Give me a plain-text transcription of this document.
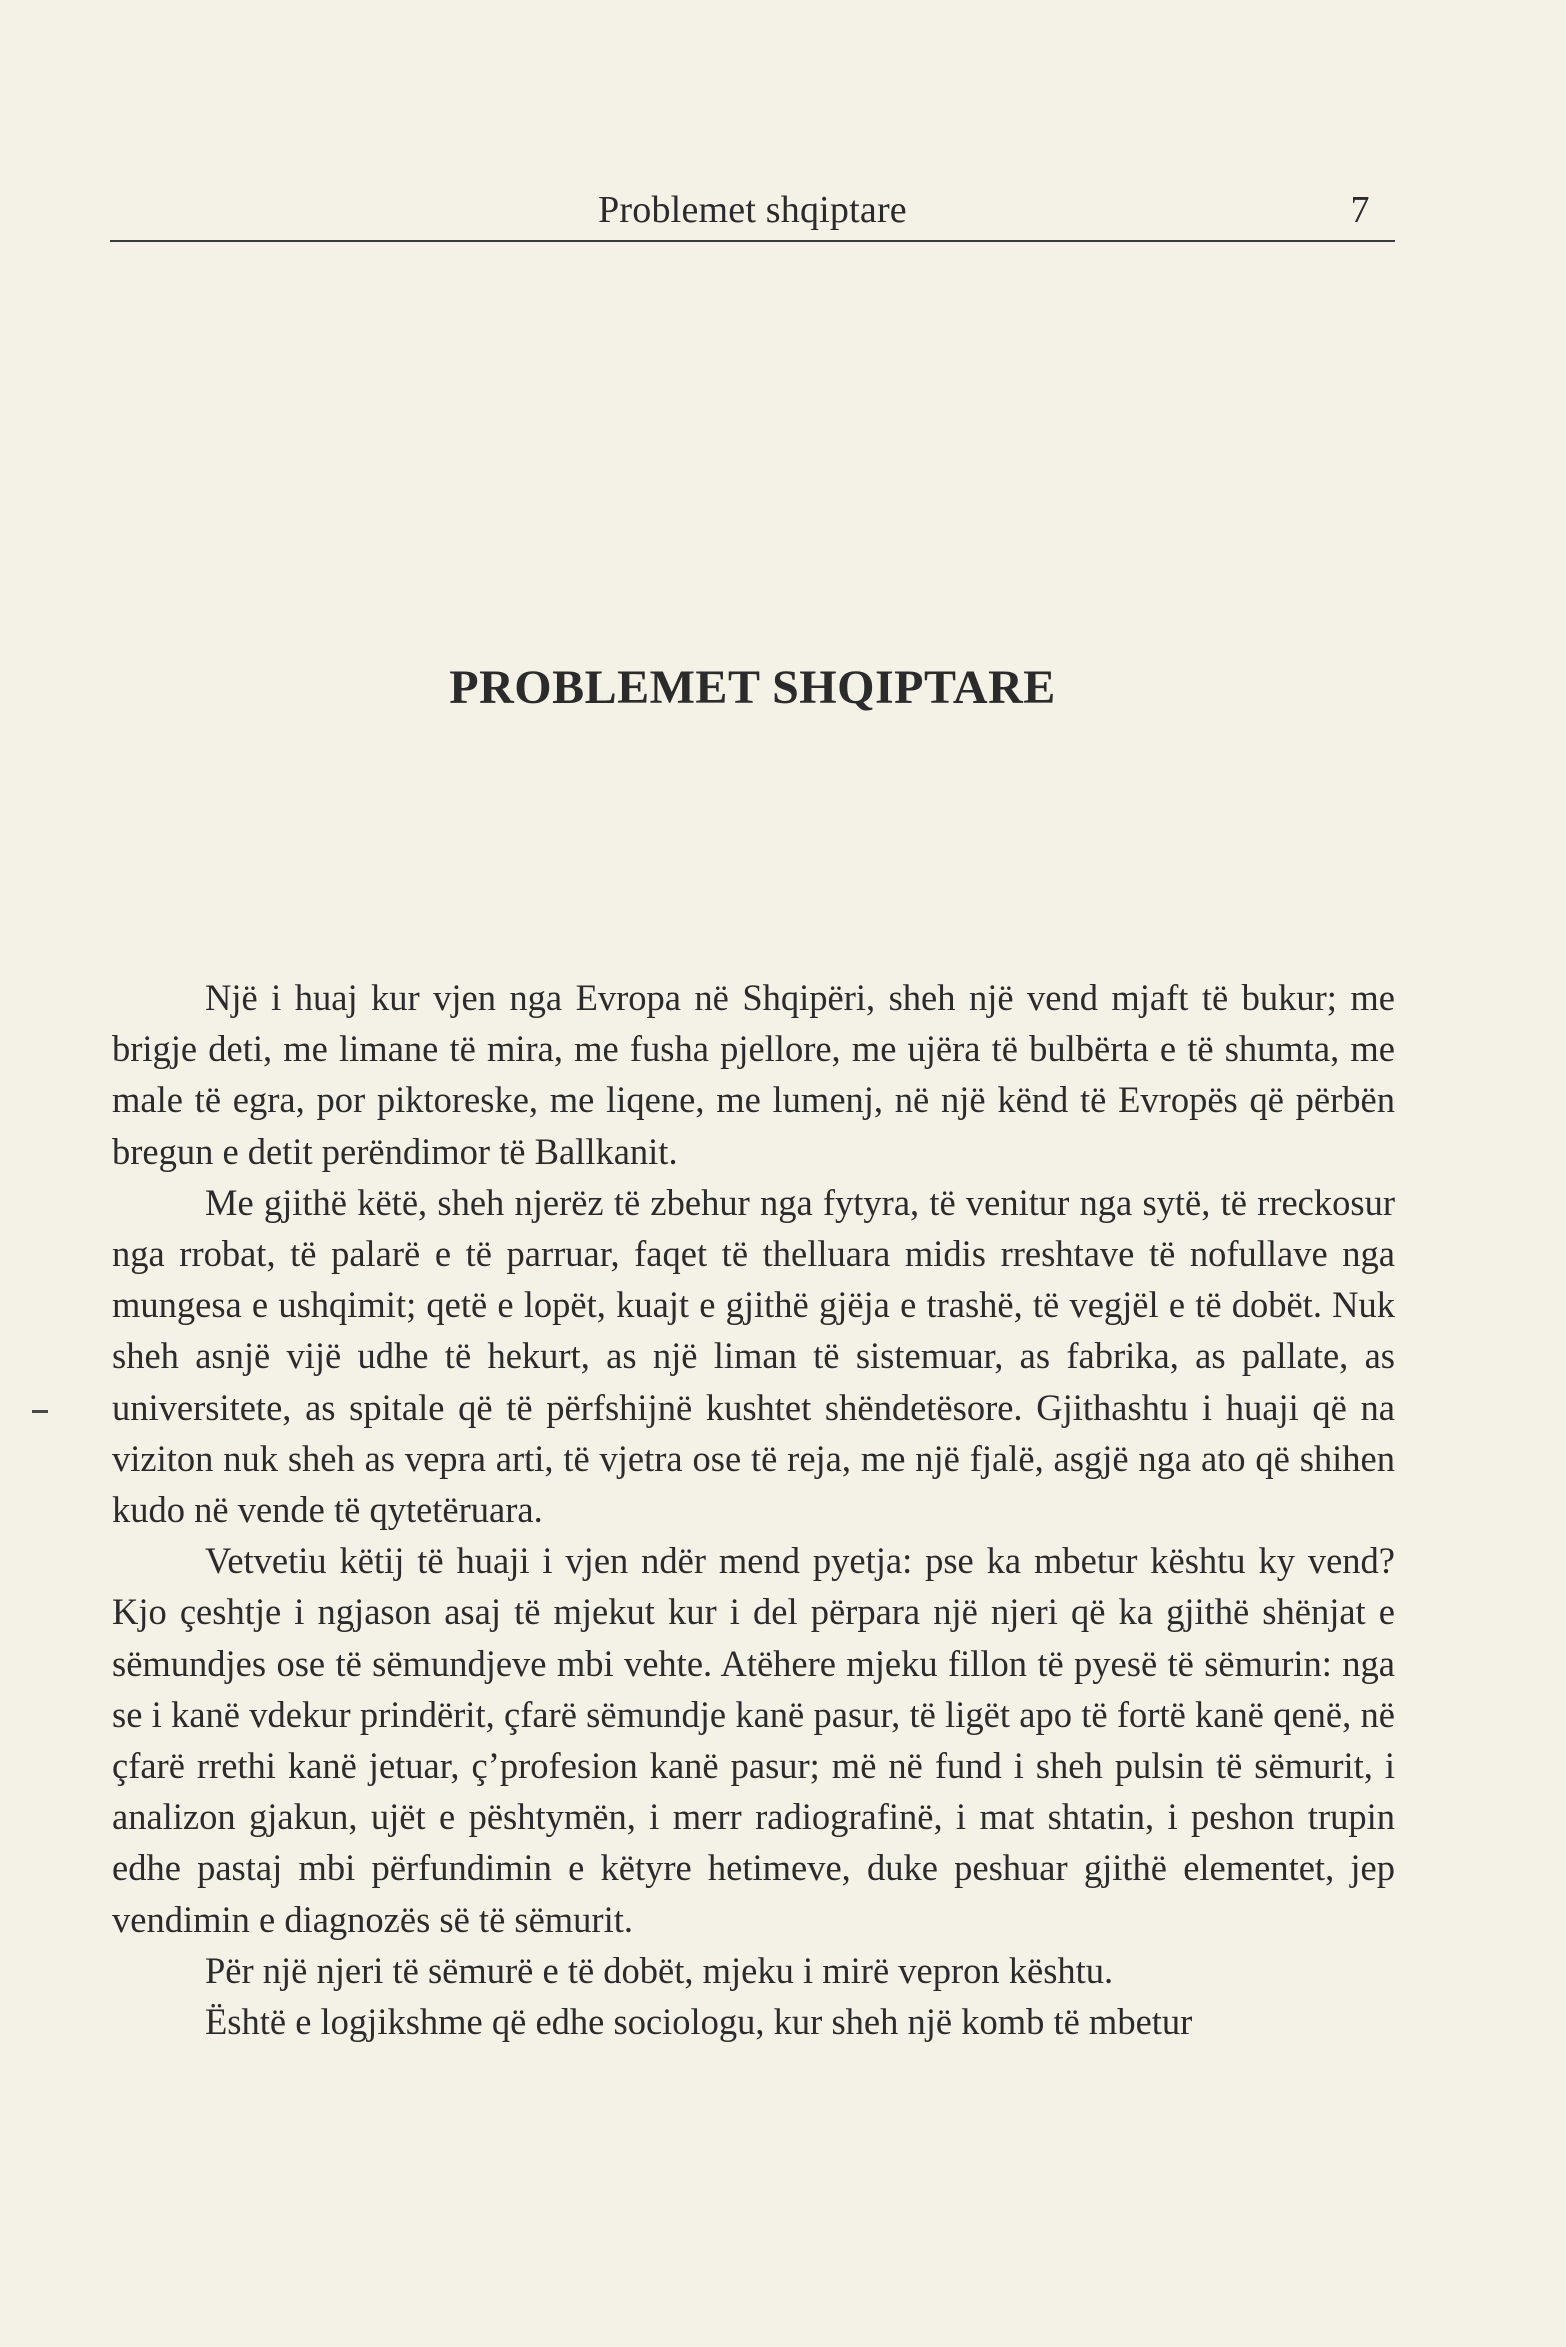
Problemet shqiptare	7
PROBLEMET SHQIPTARE

Një i huaj kur vjen nga Evropa në Shqipëri, sheh një vend mjaft të bukur; me brigje deti, me limane të mira, me fusha pjellore, me ujëra të bulbërta e të shumta, me male të egra, por piktoreske, me liqene, me lumenj, në një kënd të Evropës që përbën bregun e detit perëndimor të Ballkanit.

Me gjithë këtë, sheh njerëz të zbehur nga fytyra, të venitur nga sytë, të rreckosur nga rrobat, të palarë e të parruar, faqet të thelluara midis rreshtave të nofullave nga mungesa e ushqimit; qetë e lopët, kuajt e gjithë gjëja e trashë, të vegjël e të dobët. Nuk sheh asnjë vijë udhe të hekurt, as një liman të sistemuar, as fabrika, as pallate, as universitete, as spitale që të përfshijnë kushtet shëndetësore. Gjithashtu i huaji që na viziton nuk sheh as vepra arti, të vjetra ose të reja, me një fjalë, asgjë nga ato që shihen kudo në vende të qytetëruara.

Vetvetiu këtij të huaji i vjen ndër mend pyetja: pse ka mbetur kështu ky vend? Kjo çeshtje i ngjason asaj të mjekut kur i del përpara një njeri që ka gjithë shënjat e sëmundjes ose të sëmundjeve mbi vehte. Atëhere mjeku fillon të pyesë të sëmurin: nga se i kanë vdekur prindërit, çfarë sëmundje kanë pasur, të ligët apo të fortë kanë qenë, në çfarë rrethi kanë jetuar, ç’profesion kanë pasur; më në fund i sheh pulsin të sëmurit, i analizon gjakun, ujët e pështymën, i merr radiografinë, i mat shtatin, i peshon trupin edhe pastaj mbi përfundimin e këtyre hetimeve, duke peshuar gjithë elementet, jep vendimin e diagnozës së të sëmurit.

Për një njeri të sëmurë e të dobët, mjeku i mirë vepron kështu.

Është e logjikshme që edhe sociologu, kur sheh një komb të mbetur
